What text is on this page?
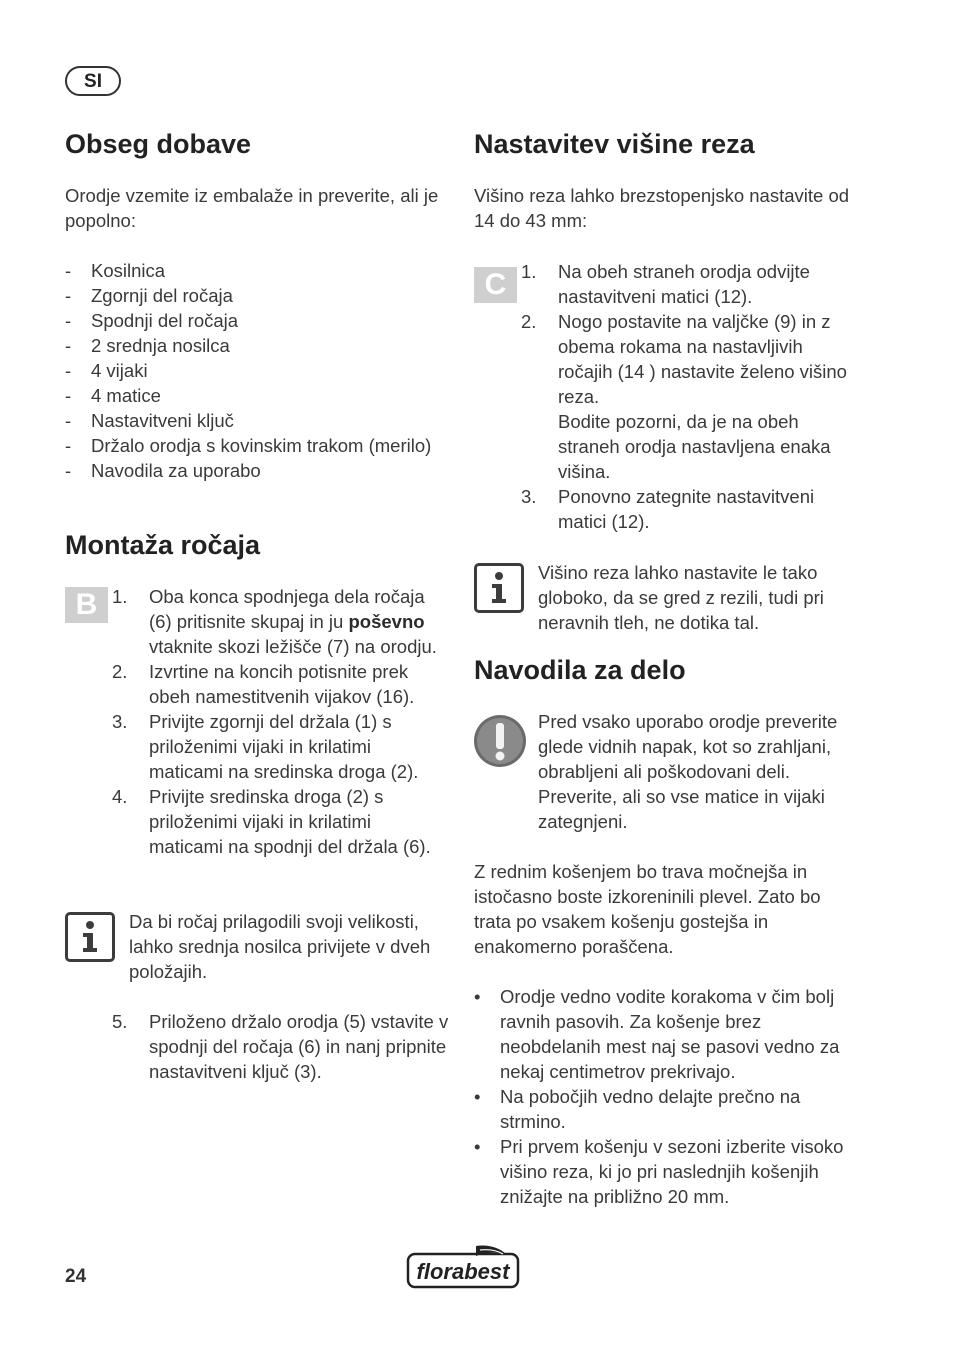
SI
Obseg dobave

Orodje vzemite iz embalaže in preverite, ali je popolno:

- Kosilnica
- Zgornji del ročaja
- Spodnji del ročaja
- 2 srednja nosilca
- 4 vijaki
- 4 matice
- Nastavitveni ključ
- Držalo orodja s kovinskim trakom (merilo)
- Navodila za uporabo
Montaža ročaja
B 1. Oba konca spodnjega dela ročaja (6) pritisnite skupaj in ju poševno vtaknite skozi ležišče (7) na orodju.
2. Izvrtine na koncih potisnite prek obeh namestitvenih vijakov (16).
3. Privijte zgornji del držala (1) s priloženimi vijaki in krilatimi maticami na sredinska droga (2).
4. Privijte sredinska droga (2) s priloženimi vijaki in krilatimi maticami na spodnji del držala (6).

Da bi ročaj prilagodili svoji velikosti, lahko srednja nosilca privijete v dveh položajih.

5. Priloženo držalo orodja (5) vstavite v spodnji del ročaja (6) in nanj pripnite nastavitveni ključ (3).
Nastavitev višine reza

Višino reza lahko brezstopenjsko nastavite od 14 do 43 mm:

C 1. Na obeh straneh orodja odvijte nastavitveni matici (12).
2. Nogo postavite na valjčke (9) in z obema rokama na nastavljivih ročajih (14 ) nastavite želeno višino reza.
Bodite pozorni, da je na obeh straneh orodja nastavljena enaka višina.
3. Ponovno zategnite nastavitveni matici (12).

Višino reza lahko nastavite le tako globoko, da se gred z rezili, tudi pri neravnih tleh, ne dotika tal.

Navodila za delo

Pred vsako uporabo orodje preverite glede vidnih napak, kot so zrahljani, obrabljeni ali poškodovani deli. Preverite, ali so vse matice in vijaki zategnjeni.

Z rednim košenjem bo trava močnejša in istočasno boste izkoreninili plevel. Zato bo trata po vsakem košenju gostejša in enakomerno poraščena.

• Orodje vedno vodite korakoma v čim bolj ravnih pasovih. Za košenje brez neobdelanih mest naj se pasovi vedno za nekaj centimetrov prekrivajo.
• Na pobočjih vedno delajte prečno na strmino.
• Pri prvem košenju v sezoni izberite visoko višino reza, ki jo pri naslednjih košenjih znižajte na približno 20 mm.
24	florabest
